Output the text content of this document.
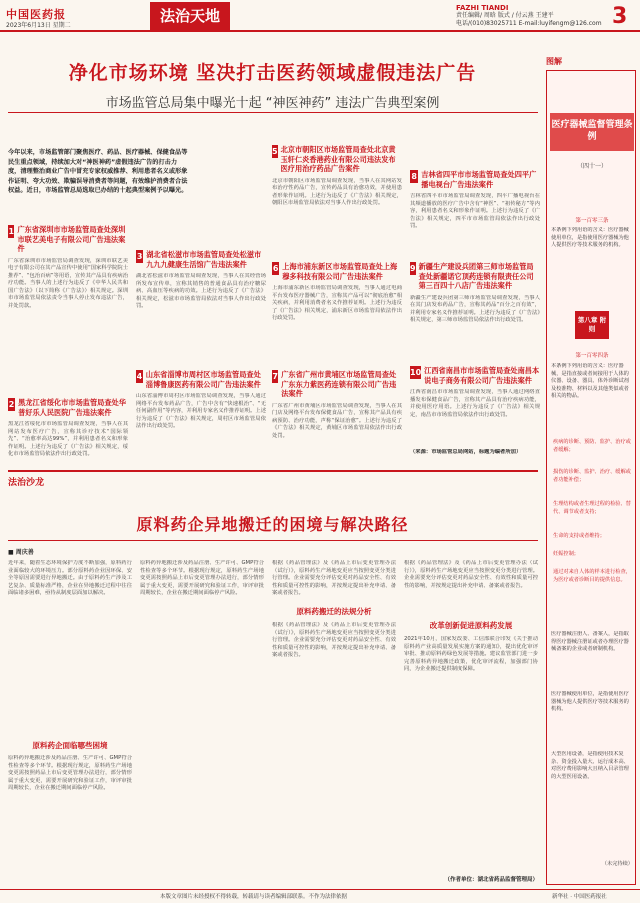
中国医药报
2023年6月13日 星期二
法治天地	FAZHI TIANDI
责任编辑/ 周晗 版式 / 付云燕 王建平
电话/(010)83025711 E-mail:luyifengm@126.com 3
净化市场环境 坚决打击医药领域虚假违法广告
市场监管总局集中曝光十起 “神医神药” 违法广告典型案例
今年以来，市场监管部门聚焦医疗、药品、医疗器械、保健食品等民生重点领域，持续加大对“神医神药”虚假违法广告的打击力度，清理整治商业广告中冒充专家权威推荐、利用患者名义或形象作证明、夸大功效、欺骗误导消费者等问题，有效维护消费者合法权益。近日，市场监管总局选取已办结的十起典型案例予以曝光。
1 广东省深圳市市场监管局查处深圳市联艺美电子有限公司广告违法案件
广东省深圳市市场监管局调查发现，深圳市联艺美电子有限公司在其产品宣传中使用“国家科学院院士推荐”、“包治百病”等用语，宣传其产品具有疾病治疗功能。当事人的上述行为违反了《中华人民共和国广告法》（以下简称《广告法》）相关规定。深圳市市场监管局依法责令当事人停止发布违法广告，并处罚款。
2 黑龙江省绥化市市场监管局查处华普好乐人民医院广告违法案件
黑龙江省绥化市市场监管局调查发现，当事人在其网站发布医疗广告，宣称其诊疗技术“国际领先”、“治愈率高达99%”，并利用患者名义和形象作证明。上述行为违反了《广告法》相关规定，绥化市市场监管局依法作出行政处罚。
3 湖北省松滋市市场监管局查处松滋市九九九健康生活馆广告违法案件
湖北省松滋市市场监管局调查发现，当事人在其经营场所发布宣传单，宣称其销售的普通食品具有治疗糖尿病、高血压等疾病的功效。上述行为违反了《广告法》相关规定，松滋市市场监管局依法对当事人作出行政处罚。
4 山东省淄博市周村区市场监管局查处淄博鲁康医药有限公司广告违法案件
山东省淄博市周村区市场监管局调查发现，当事人通过网络平台发布药品广告，广告中含有“快速根治”、“无任何副作用”等内容，并利用专家名义作推荐证明。上述行为违反了《广告法》相关规定，周村区市场监管局依法作出行政处罚。
5 北京市朝阳区市场监管局查处北京黄玉轩仁炎香港药业有限公司违法发布医疗用治疗药品广告案件
北京市朝阳区市场监管局调查发现，当事人在其网站发布治疗性药品广告，宣传药品具有治愈功效，并使用患者形象作证明。上述行为违反了《广告法》相关规定，朝阳区市场监管局依法对当事人作出行政处罚。
6 上海市浦东新区市场监管局查处上海穆多科技有限公司广告违法案件
上海市浦东新区市场监管局调查发现，当事人通过电商平台发布医疗器械广告，宣称其产品可以“彻底治愈”相关疾病，并利用消费者名义作推荐证明。上述行为违反了《广告法》相关规定，浦东新区市场监管局依法作出行政处罚。
7 广东省广州市黄埔区市场监管局查处广东东力紫医药连锁有限公司广告违法案件
广东省广州市黄埔区市场监管局调查发现，当事人在其门店及网络平台发布保健食品广告，宣称其产品具有疾病预防、治疗功能，声称“保证治愈”。上述行为违反了《广告法》相关规定，黄埔区市场监管局依法作出行政处罚。
8 吉林省四平市市场监管局查处四平广播电视台广告违法案件
吉林省四平市市场监管局调查发现，四平广播电视台在其频道播放的医疗广告中含有“神医”、“祖传秘方”等内容，利用患者名义和形象作证明。上述行为违反了《广告法》相关规定，四平市市场监管局依法作出行政处罚。
9 新疆生产建设兵团第三师市场监管局查处新疆诺它顶药连锁有限责任公司第三百四十八店广告违法案件
新疆生产建设兵团第三师市场监管局调查发现，当事人在其门店发布药品广告，宣称其药品“百分之百有效”，并利用专家名义作推荐证明。上述行为违反了《广告法》相关规定，第三师市场监管局依法作出行政处罚。
10 江西省南昌市市场监管局查处南昌本说电子商务有限公司广告违法案件
江西省南昌市市场监管局调查发现，当事人通过网络直播发布保健食品广告，宣称其产品具有治疗疾病功能，并使用医疗用语。上述行为违反了《广告法》相关规定，南昌市市场监管局依法作出行政处罚。
（来源：市场监管总局网站，标题为编者所加）
图解
医疗器械监督管理条例
（四十一）
第一百零三条
本条例下列用语的含义：医疗器械使用单位，是指使用医疗器械为他人提供医疗等技术服务的机构。
第八章 附则
第一百零四条
本条例下列用语的含义：医疗器械，是指直接或者间接用于人体的仪器、设备、器具、体外诊断试剂及校准物、材料以及其他类似或者相关的物品。
疾病的诊断、预防、监护、治疗或者缓解；
损伤的诊断、监护、治疗、缓解或者功能补偿；
生理结构或者生理过程的检验、替代、调节或者支持；
生命的支持或者维持；
妊娠控制；
通过对来自人体的样本进行检查，为医疗或者诊断目的提供信息。
医疗器械注册人、备案人，是指取得医疗器械注册证或者办理医疗器械备案的企业或者研制机构。
医疗器械使用单位，是指使用医疗器械为他人提供医疗等技术服务的机构。
大型医用设备，是指使用技术复杂、资金投入量大、运行成本高、对医疗费用影响大且纳入目录管理的大型医用设备。
（未完待续）
法治沙龙
原料药企异地搬迁的困境与解决路径
■ 周庆善
近年来，随着生态环境保护力度不断加强，原料药行业面临较大的环境压力。部分原料药企业因环保、安全等原因需要进行异地搬迁。由于原料药生产涉及工艺复杂、质量标准严格，企业在异地搬迁过程中往往面临诸多困难，亟待从制度层面加以解决。
原料药企面临哪些困境
原料药异地搬迁涉及药品注册、生产许可、GMP符合性检查等多个环节。根据现行规定，原料药生产场地变更需按照药品上市后变更管理办法进行，部分情形属于重大变更，需要开展研究和验证工作，审评审批周期较长，企业在搬迁期间面临停产风险。
原料药异地搬迁涉及药品注册、生产许可、GMP符合性检查等多个环节。根据现行规定，原料药生产场地变更需按照药品上市后变更管理办法进行，部分情形属于重大变更，需要开展研究和验证工作，审评审批周期较长，企业在搬迁期间面临停产风险。
根据《药品管理法》及《药品上市后变更管理办法（试行）》，原料药生产场地变更应当按照变更分类进行管理。企业需要充分评估变更对药品安全性、有效性和质量可控性的影响，并按规定提出补充申请、备案或者报告。
原料药搬迁的法规分析
根据《药品管理法》及《药品上市后变更管理办法（试行）》，原料药生产场地变更应当按照变更分类进行管理。企业需要充分评估变更对药品安全性、有效性和质量可控性的影响，并按规定提出补充申请、备案或者报告。
根据《药品管理法》及《药品上市后变更管理办法（试行）》，原料药生产场地变更应当按照变更分类进行管理。企业需要充分评估变更对药品安全性、有效性和质量可控性的影响，并按规定提出补充申请、备案或者报告。
改革创新促进原料药发展
2021年10月，国家发改委、工信部联合印发《关于推动原料药产业高质量发展实施方案的通知》，提出优化审评审批、推动原料药绿色发展等措施。建议监管部门进一步完善原料药异地搬迁政策，优化审评流程，加强部门协同，为企业搬迁提供制度保障。
（作者单位：湖北省药品监督管理局）
本版文章图片未经授权不得转载，转载请与读者编辑部联系。不作为法律依据	新华社 · 中国医药报社
